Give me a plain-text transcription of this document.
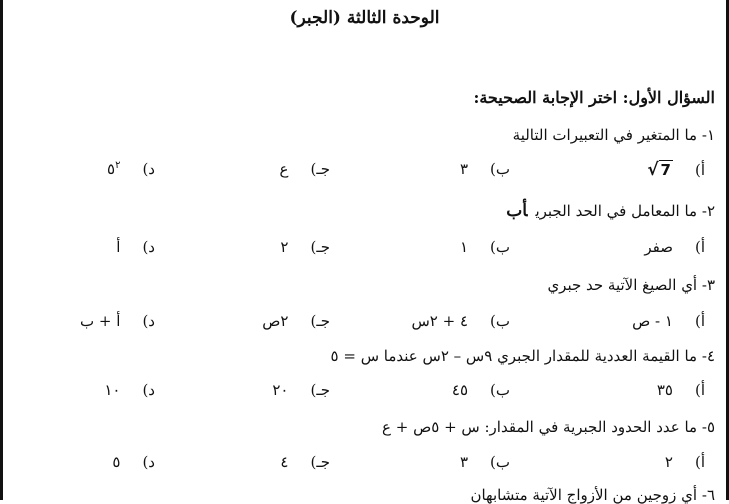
الوحدة الثالثة (الجبر)
السؤال الأول: اختر الإجابة الصحيحة:
١- ما المتغير في التعبيرات التالية
أ)√ 7
ب)٣
جـ)ع
$د)٥^٢$
٢- ما المعامل في الحد الجبريأب
أ)صفر
ب)١
جـ)٢
د)أ
٣- أي الصيغ الآتية حد جبري
أ)١ - ص
ب)٤ + ٢س
جـ)٢ص
د)أ + ب
٤- ما القيمة العددية للمقدار الجبري ٩س – ٢س عندما س = ٥
أ)٣٥
ب)٤٥
جـ)٢٠
د)١٠
٥- ما عدد الحدود الجبرية في المقدار: س + ٥ص + ع
أ)٢
ب)٣
جـ)٤
د)٥
٦- أي زوجين من الأزواج الآتية متشابهان
